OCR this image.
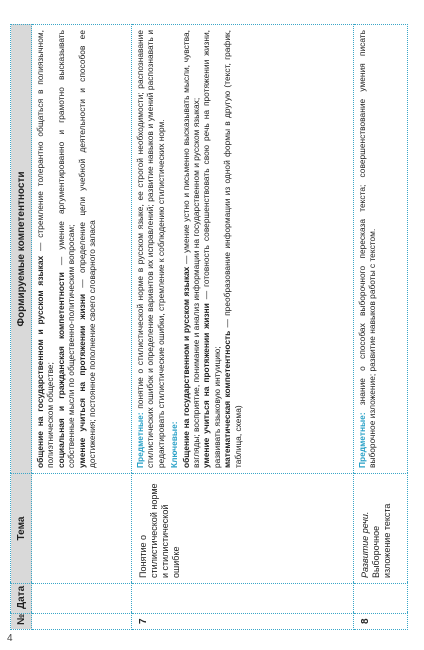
4
№	Дата	Тема	Формируемые компетентности

			общение на государственном и русском языках — стремление толерантно общаться в полиязычном, полиэтническом обществе; социальная и гражданская компетентности — умение аргументированно и грамотно высказывать собственные мысли по общественно-политическим вопросам; умение учиться на протяжении жизни — определение цели учебной деятельности и способов ее достижения; постоянное пополнение своего словарного запаса

7		Понятие о стилистической норме и стилистической ошибке	Предметные: понятие о стилистической норме в русском языке, ее строгой необходимости; распознавание стилистических ошибок и определение вариантов их исправлений; развитие навыков и умений распознавать и редактировать стилистические ошибки, стремление к соблюдению стилистических норм. Ключевые: общение на государственном и русском языках — умение устно и письменно высказывать мысли, чувства, взгляды; восприятие, понимание и анализ информации на государственном и русском языках; умение учиться на протяжении жизни — готовность совершенствовать свою речь на протяжении жизни, развивать языковую интуицию; математическая компетентность — преобразование информации из одной формы в другую (текст, график, таблица, схема)

8		Развитие речи. Выборочное изложение текста	Предметные: знание о способах выборочного пересказа текста; совершенствование умения писать выборочное изложение; развитие навыков работы с текстом.
